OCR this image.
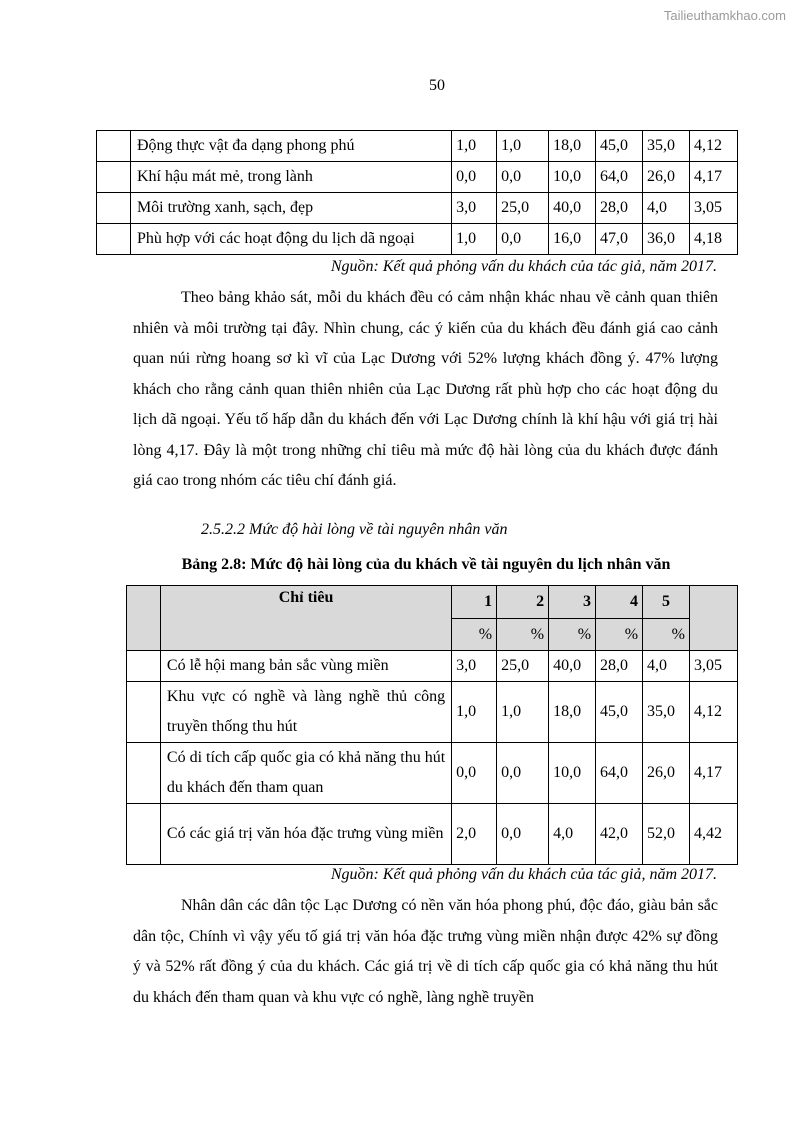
Tailieuthamkhao.com
50
	Động thực vật đa dạng phong phú	1,0	1,0	18,0	45,0	35,0	4,12
	Khí hậu mát mẻ, trong lành	0,0	0,0	10,0	64,0	26,0	4,17
	Môi trường xanh, sạch, đẹp	3,0	25,0	40,0	28,0	4,0	3,05
	Phù hợp với các hoạt động du lịch dã ngoại	1,0	0,0	16,0	47,0	36,0	4,18
Nguồn: Kết quả phỏng vấn du khách của tác giả, năm 2017.

Theo bảng khảo sát, mỗi du khách đều có cảm nhận khác nhau về cảnh quan thiên nhiên và môi trường tại đây. Nhìn chung, các ý kiến của du khách đều đánh giá cao cảnh quan núi rừng hoang sơ kì vĩ của Lạc Dương với 52% lượng khách đồng ý. 47% lượng khách cho rằng cảnh quan thiên nhiên của Lạc Dương rất phù hợp cho các hoạt động du lịch dã ngoại. Yếu tố hấp dẫn du khách đến với Lạc Dương chính là khí hậu với giá trị hài lòng 4,17. Đây là một trong những chỉ tiêu mà mức độ hài lòng của du khách được đánh giá cao trong nhóm các tiêu chí đánh giá.

2.5.2.2 Mức độ hài lòng về tài nguyên nhân văn
Bảng 2.8: Mức độ hài lòng của du khách về tài nguyên du lịch nhân văn
	Chỉ tiêu	1	2	3	4	5	
		%	%	%	%	%	
	Có lễ hội mang bản sắc vùng miền	3,0	25,0	40,0	28,0	4,0	3,05
	Khu vực có nghề và làng nghề thủ công truyền thống thu hút	1,0	1,0	18,0	45,0	35,0	4,12
	Có di tích cấp quốc gia có khả năng thu hút du khách đến tham quan	0,0	0,0	10,0	64,0	26,0	4,17
	Có các giá trị văn hóa đặc trưng vùng miền	2,0	0,0	4,0	42,0	52,0	4,42
Nguồn: Kết quả phỏng vấn du khách của tác giả, năm 2017.

Nhân dân các dân tộc Lạc Dương có nền văn hóa phong phú, độc đáo, giàu bản sắc dân tộc, Chính vì vậy yếu tố giá trị văn hóa đặc trưng vùng miền nhận được 42% sự đồng ý và 52% rất đồng ý của du khách. Các giá trị về di tích cấp quốc gia có khả năng thu hút du khách đến tham quan và khu vực có nghề, làng nghề truyền
